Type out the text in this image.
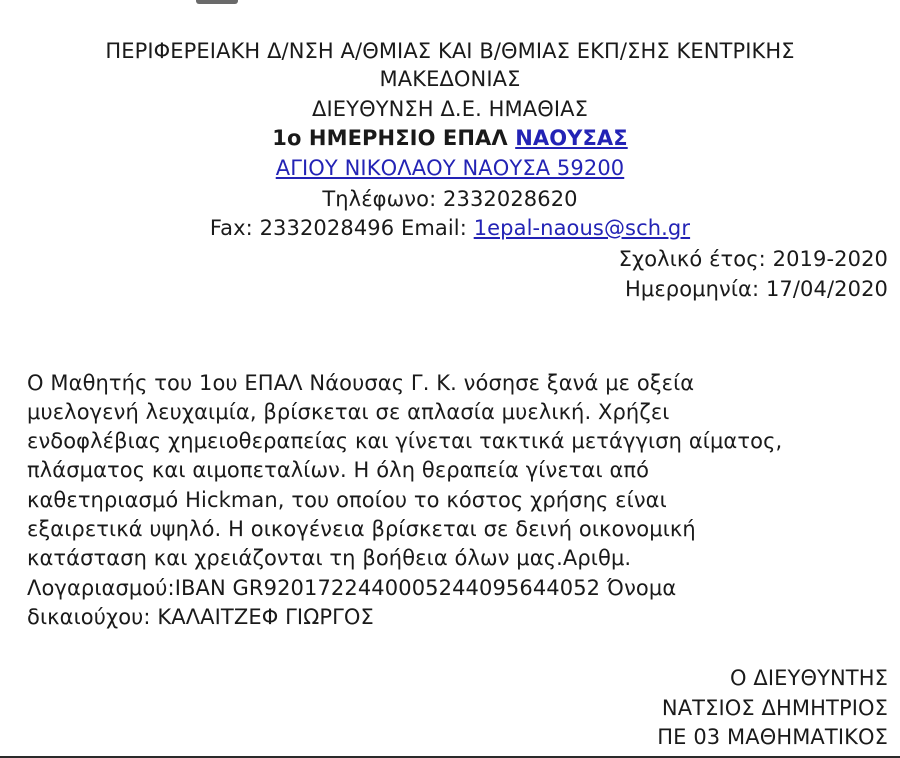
ΠΕΡΙΦΕΡΕΙΑΚΗ Δ/ΝΣΗ Α/ΘΜΙΑΣ ΚΑΙ Β/ΘΜΙΑΣ ΕΚΠ/ΣΗΣ ΚΕΝΤΡΙΚΗΣ
ΜΑΚΕΔΟΝΙΑΣ
ΔΙΕΥΘΥΝΣΗ Δ.Ε. ΗΜΑΘΙΑΣ
1ο ΗΜΕΡΗΣΙΟ ΕΠΑΛ ΝΑΟΥΣΑΣ
ΑΓΙΟΥ ΝΙΚΟΛΑΟΥ ΝΑΟΥΣΑ 59200
Τηλέφωνο: 2332028620
Fax: 2332028496 Email: 1epal-naous@sch.gr
Σχολικό έτος: 2019-2020
Ημερομηνία: 17/04/2020
Ο Μαθητής του 1ου ΕΠΑΛ Νάουσας Γ. Κ. νόσησε ξανά με οξεία
μυελογενή λευχαιμία, βρίσκεται σε απλασία μυελική. Χρήζει
ενδοφλέβιας χημειοθεραπείας και γίνεται τακτικά μετάγγιση αίματος,
πλάσματος και αιμοπεταλίων. Η όλη θεραπεία γίνεται από
καθετηριασμό Hickman, του οποίου το κόστος χρήσης είναι
εξαιρετικά υψηλό. Η οικογένεια βρίσκεται σε δεινή οικονομική
κατάσταση και χρειάζονται τη βοήθεια όλων μας.Αριθμ.
Λογαριασμού:IBAN GR9201722440005244095644052 Όνομα
δικαιούχου: ΚΑΛΑΙΤΖΕΦ ΓΙΩΡΓΟΣ
Ο ΔΙΕΥΘΥΝΤΗΣ
ΝΑΤΣΙΟΣ ΔΗΜΗΤΡΙΟΣ
ΠΕ 03 ΜΑΘΗΜΑΤΙΚΟΣ
